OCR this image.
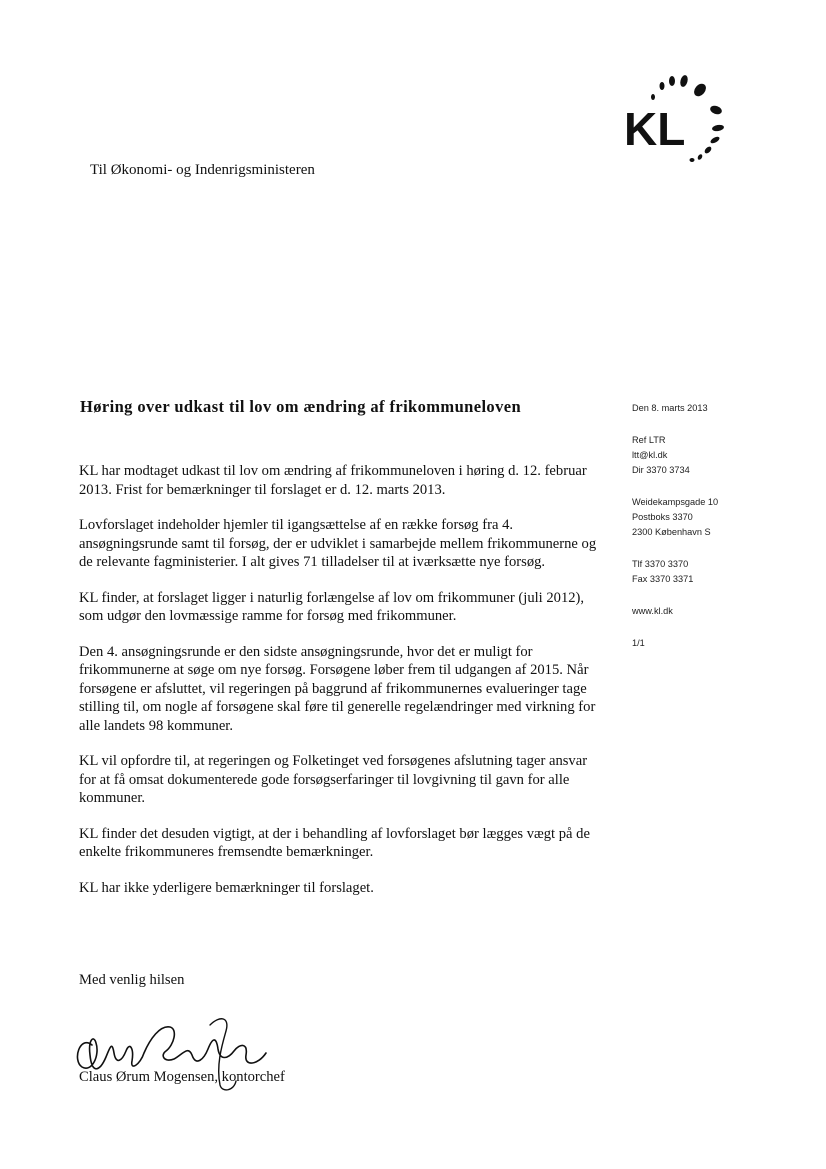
KL
Til Økonomi- og Indenrigsministeren
Høring over udkast til lov om ændring af frikommuneloven

KL har modtaget udkast til lov om ændring af frikommuneloven i høring d. 12. februar 2013. Frist for bemærkninger til forslaget er d. 12. marts 2013.

Lovforslaget indeholder hjemler til igangsættelse af en række forsøg fra 4. ansøgningsrunde samt til forsøg, der er udviklet i samarbejde mellem frikommunerne og de relevante fagministerier. I alt gives 71 tilladelser til at iværksætte nye forsøg.

KL finder, at forslaget ligger i naturlig forlængelse af lov om frikommuner (juli 2012), som udgør den lovmæssige ramme for forsøg med frikommuner.

Den 4. ansøgningsrunde er den sidste ansøgningsrunde, hvor det er muligt for frikommunerne at søge om nye forsøg. Forsøgene løber frem til udgangen af 2015. Når forsøgene er afsluttet, vil regeringen på baggrund af frikommunernes evalueringer tage stilling til, om nogle af forsøgene skal føre til generelle regelændringer med virkning for alle landets 98 kommuner.

KL vil opfordre til, at regeringen og Folketinget ved forsøgenes afslutning tager ansvar for at få omsat dokumenterede gode forsøgserfaringer til lovgivning til gavn for alle kommuner.

KL finder det desuden vigtigt, at der i behandling af lovforslaget bør lægges vægt på de enkelte frikommuneres fremsendte bemærkninger.

KL har ikke yderligere bemærkninger til forslaget.

Med venlig hilsen
Claus Ørum Mogensen, kontorchef
Den 8. marts 2013
Ref LTR
ltt@kl.dk
Dir 3370 3734
Weidekampsgade 10
Postboks 3370
2300 København S
Tlf 3370 3370
Fax 3370 3371
www.kl.dk
1/1
